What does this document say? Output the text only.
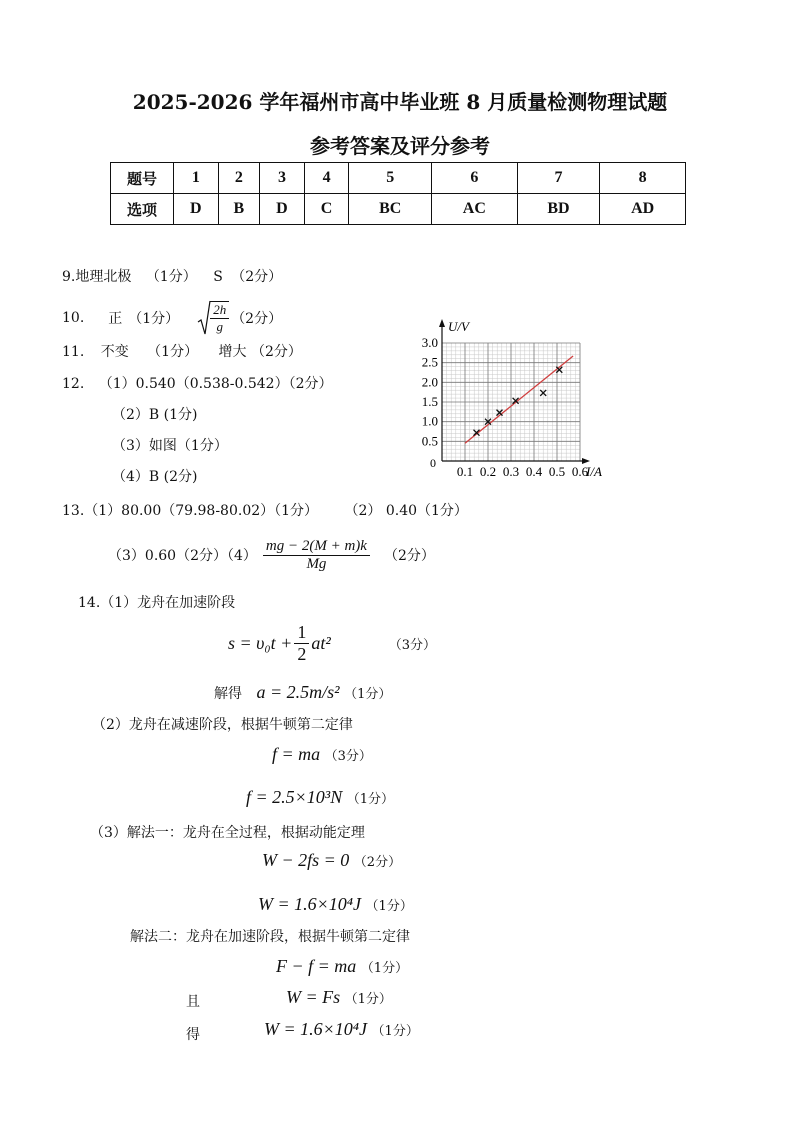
2025-2026 学年福州市高中毕业班 8 月质量检测物理试题
参考答案及评分参考
题号	1	2	3	4	5	6	7	8
选项	D	B	D	C	BC	AC	BD	AD
9.地理北极 （1分） S （2分）
10. 正 （1分） $\frac{2h}{g} (2$分）
11. 不变 （1分） 增大 （2分）
12. （1）0.540（0.538-0.542）（2分）
（2）B (1分)
（3）如图（1分）
（4）B (2分)
U/V
I/A
0
0.5
1.0
1.5
2.0
2.5
3.0
0.1 0.2 0.3 0.4 0.5 0.6
13.（1）80.00（79.98-80.02）（1分） （2） 0.40（1分）
（3）0.60（2分）$(4) \frac{mg - 2(M + m)k}{Mg} (2$分）
14.（1）龙舟在加速阶段
$s = \upsilon_0t + \frac{1}{2} at^2$	（3分）
解得 a = 2.5m/s² （1分）
（2）龙舟在减速阶段，根据牛顿第二定律
f = ma （3分）
f = 2.5×10³N （1分）
（3）解法一：龙舟在全过程，根据动能定理
W − 2fs = 0 （2分）
W = 1.6×10⁴J （1分）
解法二：龙舟在加速阶段，根据牛顿第二定律
F − f = ma （1分）
且	W = Fs （1分）
得	W = 1.6×10⁴J （1分）
